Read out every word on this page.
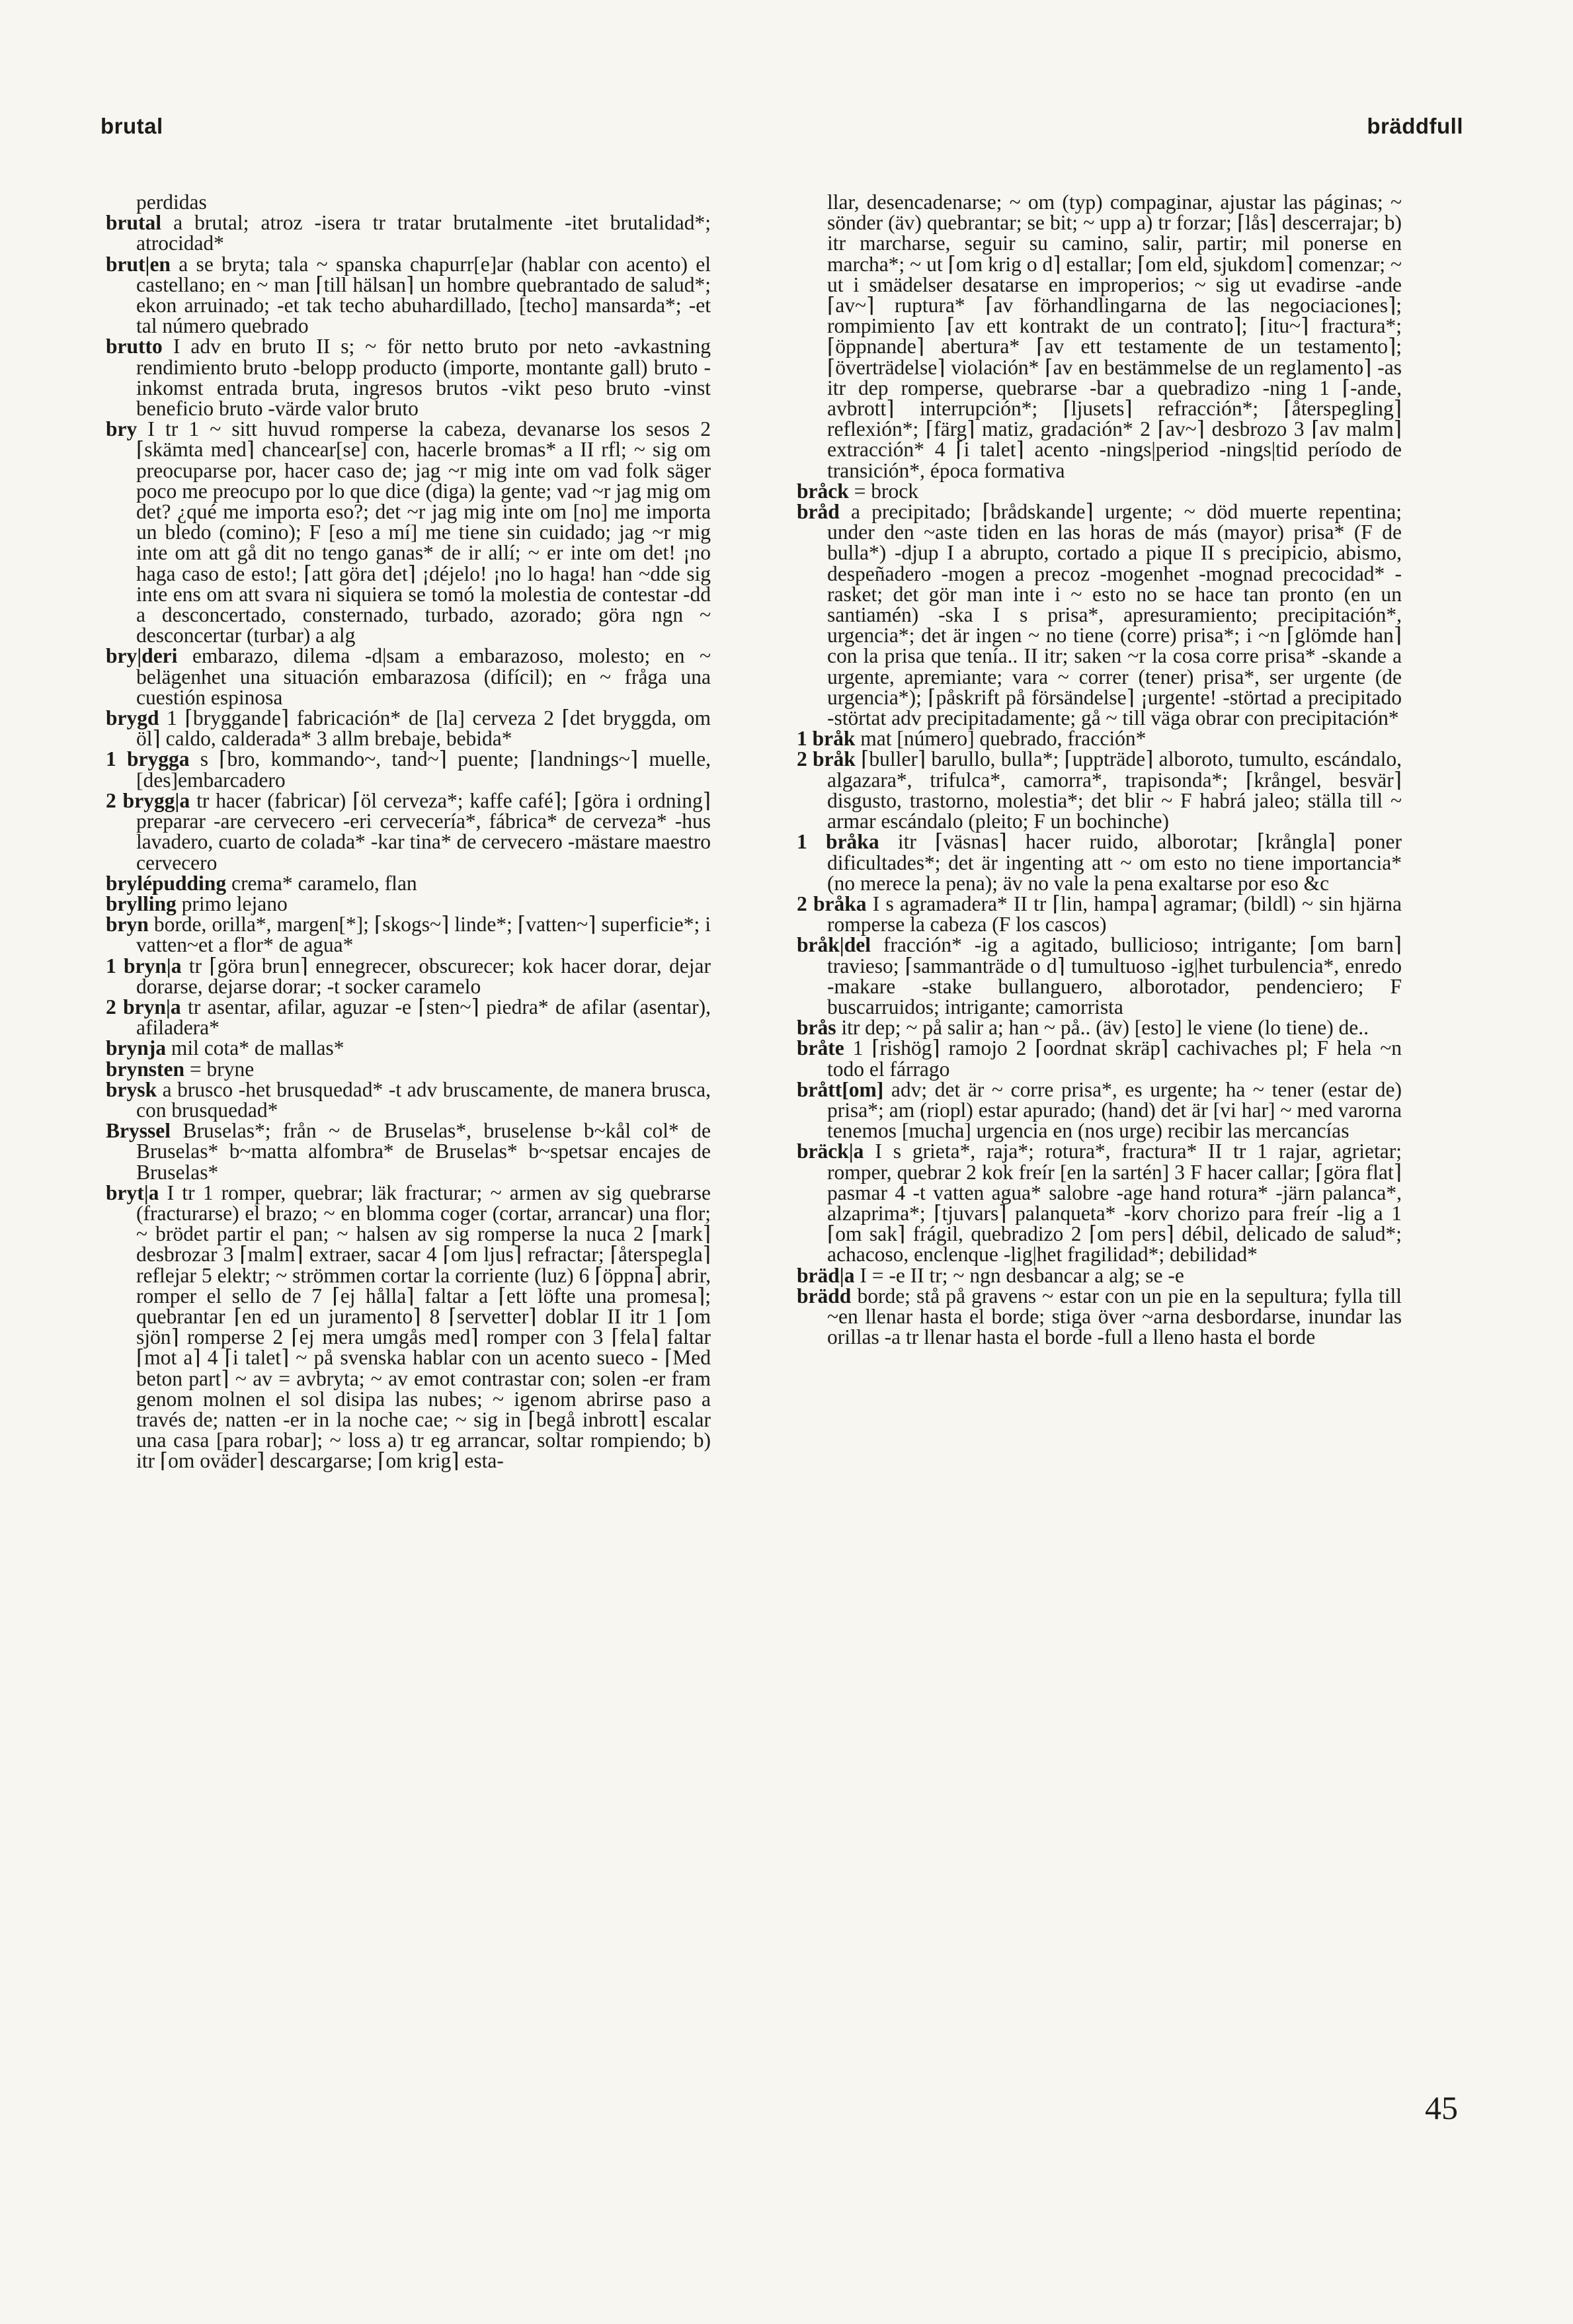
brutal	bräddfull

perdidas

brutal a brutal; atroz -isera tr tratar brutalmente -itet brutalidad*; atrocidad*

brut|en a se bryta; tala ~ spanska chapurr[e]ar (hablar con acento) el castellano; en ~ man ⌈till hälsan⌉ un hombre quebrantado de salud*; ekon arruinado; -et tak techo abuhardillado, [techo] mansarda*; -et tal número quebrado

brutto I adv en bruto II s; ~ för netto bruto por neto -avkastning rendimiento bruto -belopp producto (importe, montante gall) bruto -inkomst entrada bruta, ingresos brutos -vikt peso bruto -vinst beneficio bruto -värde valor bruto

bry I tr 1 ~ sitt huvud romperse la cabeza, devanarse los sesos 2 ⌈skämta med⌉ chancear[se] con, hacerle bromas* a II rfl; ~ sig om preocuparse por, hacer caso de; jag ~r mig inte om vad folk säger poco me preocupo por lo que dice (diga) la gente; vad ~r jag mig om det? ¿qué me importa eso?; det ~r jag mig inte om [no] me importa un bledo (comino); F [eso a mí] me tiene sin cuidado; jag ~r mig inte om att gå dit no tengo ganas* de ir allí; ~ er inte om det! ¡no haga caso de esto!; ⌈att göra det⌉ ¡déjelo! ¡no lo haga! han ~dde sig inte ens om att svara ni siquiera se tomó la molestia de contestar -dd a desconcertado, consternado, turbado, azorado; göra ngn ~ desconcertar (turbar) a alg

bry|deri embarazo, dilema -d|sam a embarazoso, molesto; en ~ belägenhet una situación embarazosa (difícil); en ~ fråga una cuestión espinosa

brygd 1 ⌈bryggande⌉ fabricación* de [la] cerveza 2 ⌈det bryggda, om öl⌉ caldo, calderada* 3 allm brebaje, bebida*

1 brygga s ⌈bro, kommando~, tand~⌉ puente; ⌈landnings~⌉ muelle, [des]embarcadero

2 brygg|a tr hacer (fabricar) ⌈öl cerveza*; kaffe café⌉; ⌈göra i ordning⌉ preparar -are cervecero -eri cervecería*, fábrica* de cerveza* -hus lavadero, cuarto de colada* -kar tina* de cervecero -mästare maestro cervecero

brylépudding crema* caramelo, flan

brylling primo lejano

bryn borde, orilla*, margen[*]; ⌈skogs~⌉ linde*; ⌈vatten~⌉ superficie*; i vatten~et a flor* de agua*

1 bryn|a tr ⌈göra brun⌉ ennegrecer, obscurecer; kok hacer dorar, dejar dorarse, dejarse dorar; -t socker caramelo

2 bryn|a tr asentar, afilar, aguzar -e ⌈sten~⌉ piedra* de afilar (asentar), afiladera*

brynja mil cota* de mallas*

brynsten = bryne

brysk a brusco -het brusquedad* -t adv bruscamente, de manera brusca, con brusquedad*

Bryssel Bruselas*; från ~ de Bruselas*, bruselense b~kål col* de Bruselas* b~matta alfombra* de Bruselas* b~spetsar encajes de Bruselas*

bryt|a I tr 1 romper, quebrar; läk fracturar; ~ armen av sig quebrarse (fracturarse) el brazo; ~ en blomma coger (cortar, arrancar) una flor; ~ brödet partir el pan; ~ halsen av sig romperse la nuca 2 ⌈mark⌉ desbrozar 3 ⌈malm⌉ extraer, sacar 4 ⌈om ljus⌉ refractar; ⌈återspegla⌉ reflejar 5 elektr; ~ strömmen cortar la corriente (luz) 6 ⌈öppna⌉ abrir, romper el sello de 7 ⌈ej hålla⌉ faltar a ⌈ett löfte una promesa⌉; quebrantar ⌈en ed un juramento⌉ 8 ⌈servetter⌉ doblar II itr 1 ⌈om sjön⌉ romperse 2 ⌈ej mera umgås med⌉ romper con 3 ⌈fela⌉ faltar ⌈mot a⌉ 4 ⌈i talet⌉ ~ på svenska hablar con un acento sueco - ⌈Med beton part⌉ ~ av = avbryta; ~ av emot contrastar con; solen -er fram genom molnen el sol disipa las nubes; ~ igenom abrirse paso a través de; natten -er in la noche cae; ~ sig in ⌈begå inbrott⌉ escalar una casa [para robar]; ~ loss a) tr eg arrancar, soltar rompiendo; b) itr ⌈om oväder⌉ descargarse; ⌈om krig⌉ esta-

llar, desencadenarse; ~ om (typ) compaginar, ajustar las páginas; ~ sönder (äv) quebrantar; se bit; ~ upp a) tr forzar; ⌈lås⌉ descerrajar; b) itr marcharse, seguir su camino, salir, partir; mil ponerse en marcha*; ~ ut ⌈om krig o d⌉ estallar; ⌈om eld, sjukdom⌉ comenzar; ~ ut i smädelser desatarse en improperios; ~ sig ut evadirse -ande ⌈av~⌉ ruptura* ⌈av förhandlingarna de las negociaciones⌉; rompimiento ⌈av ett kontrakt de un contrato⌉; ⌈itu~⌉ fractura*; ⌈öppnande⌉ abertura* ⌈av ett testamente de un testamento⌉; ⌈överträdelse⌉ violación* ⌈av en bestämmelse de un reglamento⌉ -as itr dep romperse, quebrarse -bar a quebradizo -ning 1 ⌈-ande, avbrott⌉ interrupción*; ⌈ljusets⌉ refracción*; ⌈återspegling⌉ reflexión*; ⌈färg⌉ matiz, gradación* 2 ⌈av~⌉ desbrozo 3 ⌈av malm⌉ extracción* 4 ⌈i talet⌉ acento -nings|period -nings|tid período de transición*, época formativa

bråck = brock

bråd a precipitado; ⌈brådskande⌉ urgente; ~ död muerte repentina; under den ~aste tiden en las horas de más (mayor) prisa* (F de bulla*) -djup I a abrupto, cortado a pique II s precipicio, abismo, despeñadero -mogen a precoz -mogenhet -mognad precocidad* -rasket; det gör man inte i ~ esto no se hace tan pronto (en un santiamén) -ska I s prisa*, apresuramiento; precipitación*, urgencia*; det är ingen ~ no tiene (corre) prisa*; i ~n ⌈glömde han⌉ con la prisa que tenía.. II itr; saken ~r la cosa corre prisa* -skande a urgente, apremiante; vara ~ correr (tener) prisa*, ser urgente (de urgencia*); ⌈påskrift på försändelse⌉ ¡urgente! -störtad a precipitado -störtat adv precipitadamente; gå ~ till väga obrar con precipitación*

1 bråk mat [número] quebrado, fracción*

2 bråk ⌈buller⌉ barullo, bulla*; ⌈uppträde⌉ alboroto, tumulto, escándalo, algazara*, trifulca*, camorra*, trapisonda*; ⌈krångel, besvär⌉ disgusto, trastorno, molestia*; det blir ~ F habrá jaleo; ställa till ~ armar escándalo (pleito; F un bochinche)

1 bråka itr ⌈väsnas⌉ hacer ruido, alborotar; ⌈krångla⌉ poner dificultades*; det är ingenting att ~ om esto no tiene importancia* (no merece la pena); äv no vale la pena exaltarse por eso &c

2 bråka I s agramadera* II tr ⌈lin, hampa⌉ agramar; (bildl) ~ sin hjärna romperse la cabeza (F los cascos)

bråk|del fracción* -ig a agitado, bullicioso; intrigante; ⌈om barn⌉ travieso; ⌈sammanträde o d⌉ tumultuoso -ig|het turbulencia*, enredo -makare -stake bullanguero, alborotador, pendenciero; F buscarruidos; intrigante; camorrista

brås itr dep; ~ på salir a; han ~ på.. (äv) [esto] le viene (lo tiene) de..

bråte 1 ⌈rishög⌉ ramojo 2 ⌈oordnat skräp⌉ cachivaches pl; F hela ~n todo el fárrago

brått[om] adv; det är ~ corre prisa*, es urgente; ha ~ tener (estar de) prisa*; am (riopl) estar apurado; (hand) det är [vi har] ~ med varorna tenemos [mucha] urgencia en (nos urge) recibir las mercancías

bräck|a I s grieta*, raja*; rotura*, fractura* II tr 1 rajar, agrietar; romper, quebrar 2 kok freír [en la sartén] 3 F hacer callar; ⌈göra flat⌉ pasmar 4 -t vatten agua* salobre -age hand rotura* -järn palanca*, alzaprima*; ⌈tjuvars⌉ palanqueta* -korv chorizo para freír -lig a 1 ⌈om sak⌉ frágil, quebradizo 2 ⌈om pers⌉ débil, delicado de salud*; achacoso, enclenque -lig|het fragilidad*; debilidad*

bräd|a I = -e II tr; ~ ngn desbancar a alg; se -e

brädd borde; stå på gravens ~ estar con un pie en la sepultura; fylla till ~en llenar hasta el borde; stiga över ~arna desbordarse, inundar las orillas -a tr llenar hasta el borde -full a lleno hasta el borde

45
